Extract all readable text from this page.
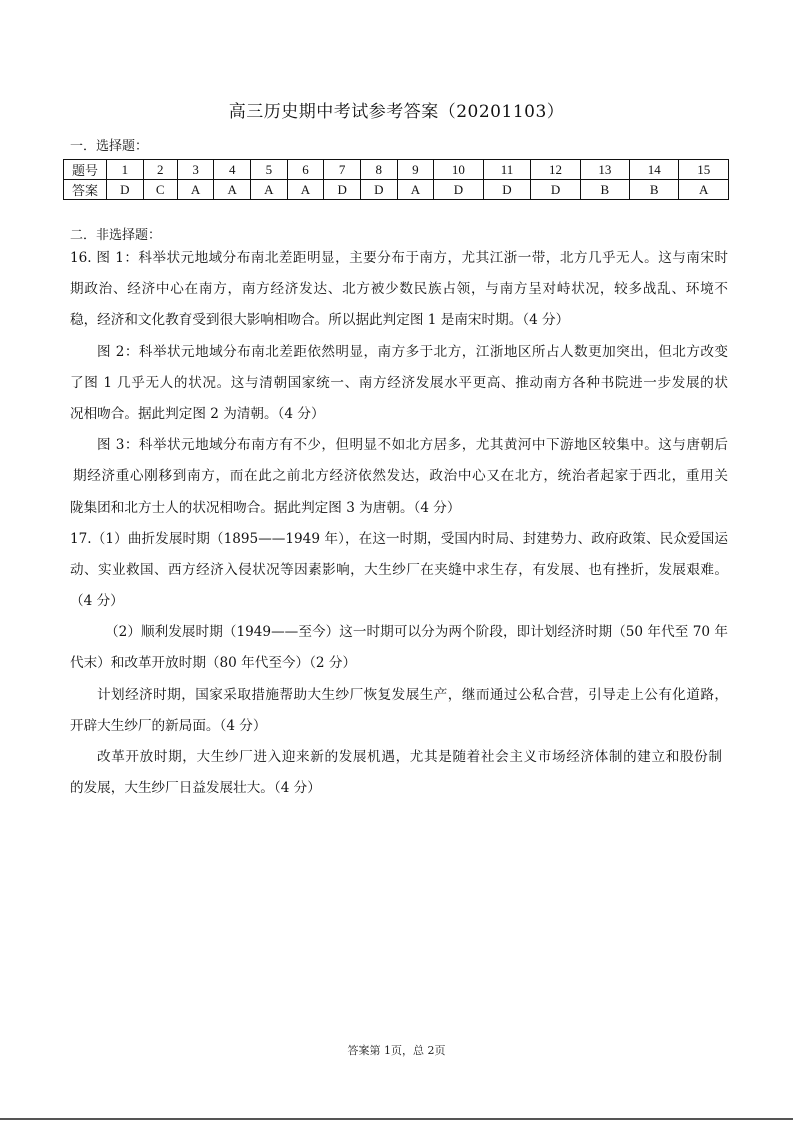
高三历史期中考试参考答案（20201103）
一．选择题：
题号	1	2	3	4	5	6	7	8	9	10	11	12	13	14	15
答案	D	C	A	A	A	A	D	D	A	D	D	D	B	B	A
二．非选择题：
16. 图 1：科举状元地域分布南北差距明显，主要分布于南方，尤其江浙一带，北方几乎无人。这与南宋时
期政治、经济中心在南方，南方经济发达、北方被少数民族占领，与南方呈对峙状况，较多战乱、环境不
稳，经济和文化教育受到很大影响相吻合。所以据此判定图 1 是南宋时期。（4 分）
图 2：科举状元地域分布南北差距依然明显，南方多于北方，江浙地区所占人数更加突出，但北方改变
了图 1 几乎无人的状况。这与清朝国家统一、南方经济发展水平更高、推动南方各种书院进一步发展的状
况相吻合。据此判定图 2 为清朝。（4 分）
图 3：科举状元地域分布南方有不少，但明显不如北方居多，尤其黄河中下游地区较集中。这与唐朝后
期经济重心刚移到南方，而在此之前北方经济依然发达，政治中心又在北方，统治者起家于西北，重用关
陇集团和北方士人的状况相吻合。据此判定图 3 为唐朝。（4 分）
17.（1）曲折发展时期（1895——1949 年），在这一时期，受国内时局、封建势力、政府政策、民众爱国运
动、实业救国、西方经济入侵状况等因素影响，大生纱厂在夹缝中求生存，有发展、也有挫折，发展艰难。
（4 分）
（2）顺利发展时期（1949——至今）这一时期可以分为两个阶段，即计划经济时期（50 年代至 70 年
代末）和改革开放时期（80 年代至今）（2 分）
计划经济时期，国家采取措施帮助大生纱厂恢复发展生产，继而通过公私合营，引导走上公有化道路，
开辟大生纱厂的新局面。（4 分）
改革开放时期，大生纱厂进入迎来新的发展机遇，尤其是随着社会主义市场经济体制的建立和股份制
的发展，大生纱厂日益发展壮大。（4 分）
答案第 1页，总 2页
